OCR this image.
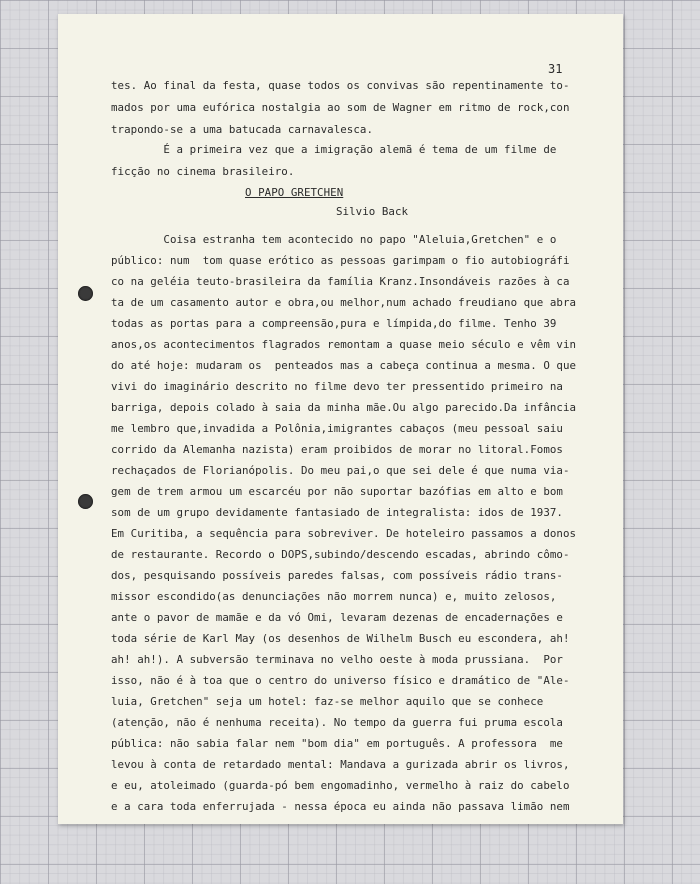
31

tes. Ao final da festa, quase todos os convivas são repentinamente to-

mados por uma eufórica nostalgia ao som de Wagner em ritmo de rock,con

trapondo-se a uma batucada carnavalesca.

É a primeira vez que a imigração alemã é tema de um filme de

ficção no cinema brasileiro.

O PAPO GRETCHEN

Silvio Back

Coisa estranha tem acontecido no papo "Aleluia,Gretchen" e o

público: num  tom quase erótico as pessoas garimpam o fio autobiográfi

co na geléia teuto-brasileira da família Kranz.Insondáveis razões à ca

ta de um casamento autor e obra,ou melhor,num achado freudiano que abra

todas as portas para a compreensão,pura e límpida,do filme. Tenho 39

anos,os acontecimentos flagrados remontam a quase meio século e vêm vin

do até hoje: mudaram os  penteados mas a cabeça continua a mesma. O que

vivi do imaginário descrito no filme devo ter pressentido primeiro na

barriga, depois colado à saia da minha mãe.Ou algo parecido.Da infância

me lembro que,invadida a Polônia,imigrantes cabaços (meu pessoal saiu

corrido da Alemanha nazista) eram proibidos de morar no litoral.Fomos

rechaçados de Florianópolis. Do meu pai,o que sei dele é que numa via-

gem de trem armou um escarcéu por não suportar bazófias em alto e bom

som de um grupo devidamente fantasiado de integralista: idos de 1937.

Em Curitiba, a sequência para sobreviver. De hoteleiro passamos a donos

de restaurante. Recordo o DOPS,subindo/descendo escadas, abrindo cômo-

dos, pesquisando possíveis paredes falsas, com possíveis rádio trans-

missor escondido(as denunciações não morrem nunca) e, muito zelosos,

ante o pavor de mamãe e da vó Omi, levaram dezenas de encadernações e

toda série de Karl May (os desenhos de Wilhelm Busch eu escondera, ah!

ah! ah!). A subversão terminava no velho oeste à moda prussiana.  Por

isso, não é à toa que o centro do universo físico e dramático de "Ale-

luia, Gretchen" seja um hotel: faz-se melhor aquilo que se conhece

(atenção, não é nenhuma receita). No tempo da guerra fui pruma escola

pública: não sabia falar nem "bom dia" em português. A professora  me

levou à conta de retardado mental: Mandava a gurizada abrir os livros,

e eu, atoleimado (guarda-pó bem engomadinho, vermelho à raiz do cabelo

e a cara toda enferrujada - nessa época eu ainda não passava limão nem
